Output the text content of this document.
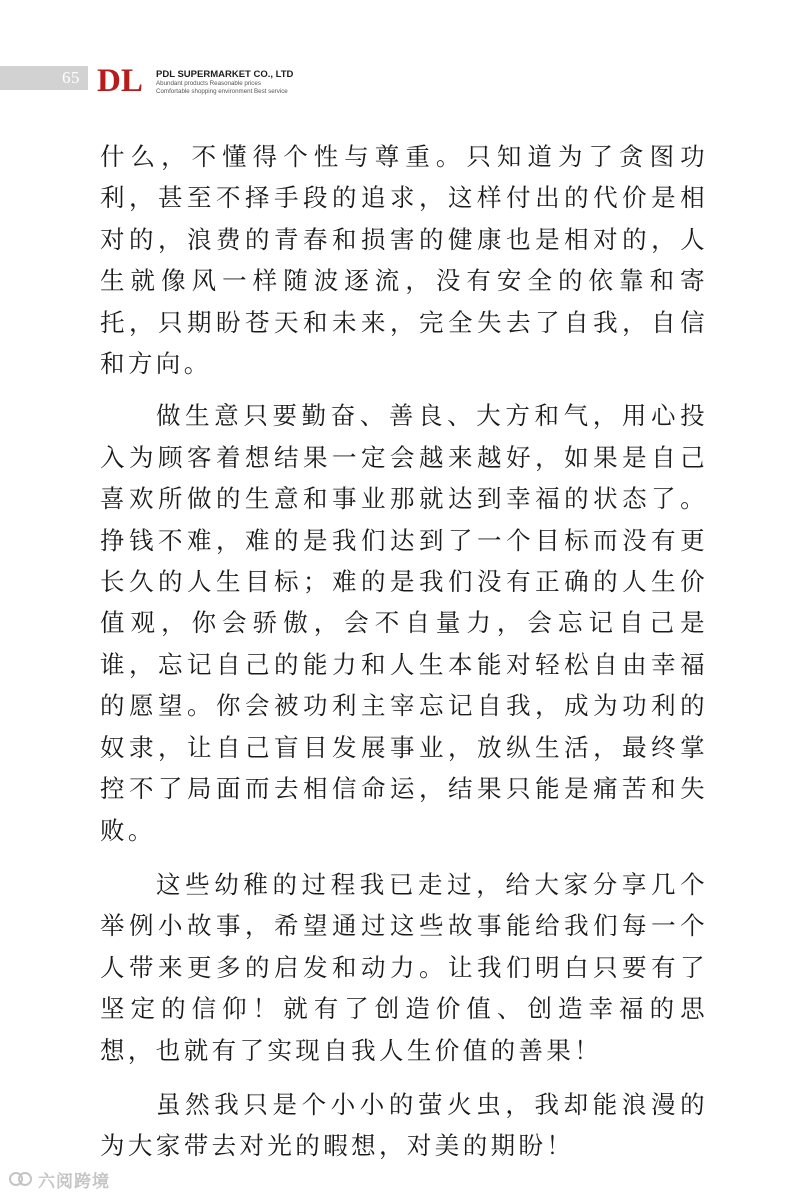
65 DL PDL SUPERMARKET CO., LTD
Abundant products Reasonable prices
Comfortable shopping environment Best service

什么，不懂得个性与尊重。只知道为了贪图功利，甚至不择手段的追求，这样付出的代价是相对的，浪费的青春和损害的健康也是相对的，人生就像风一样随波逐流，没有安全的依靠和寄托，只期盼苍天和未来，完全失去了自我，自信和方向。

做生意只要勤奋、善良、大方和气，用心投入为顾客着想结果一定会越来越好，如果是自己喜欢所做的生意和事业那就达到幸福的状态了。挣钱不难，难的是我们达到了一个目标而没有更长久的人生目标；难的是我们没有正确的人生价值观，你会骄傲，会不自量力，会忘记自己是谁，忘记自己的能力和人生本能对轻松自由幸福的愿望。你会被功利主宰忘记自我，成为功利的奴隶，让自己盲目发展事业，放纵生活，最终掌控不了局面而去相信命运，结果只能是痛苦和失败。

这些幼稚的过程我已走过，给大家分享几个举例小故事，希望通过这些故事能给我们每一个人带来更多的启发和动力。让我们明白只要有了坚定的信仰！就有了创造价值、创造幸福的思想，也就有了实现自我人生价值的善果！

虽然我只是个小小的萤火虫，我却能浪漫的为大家带去对光的暇想，对美的期盼！

六阅跨境
